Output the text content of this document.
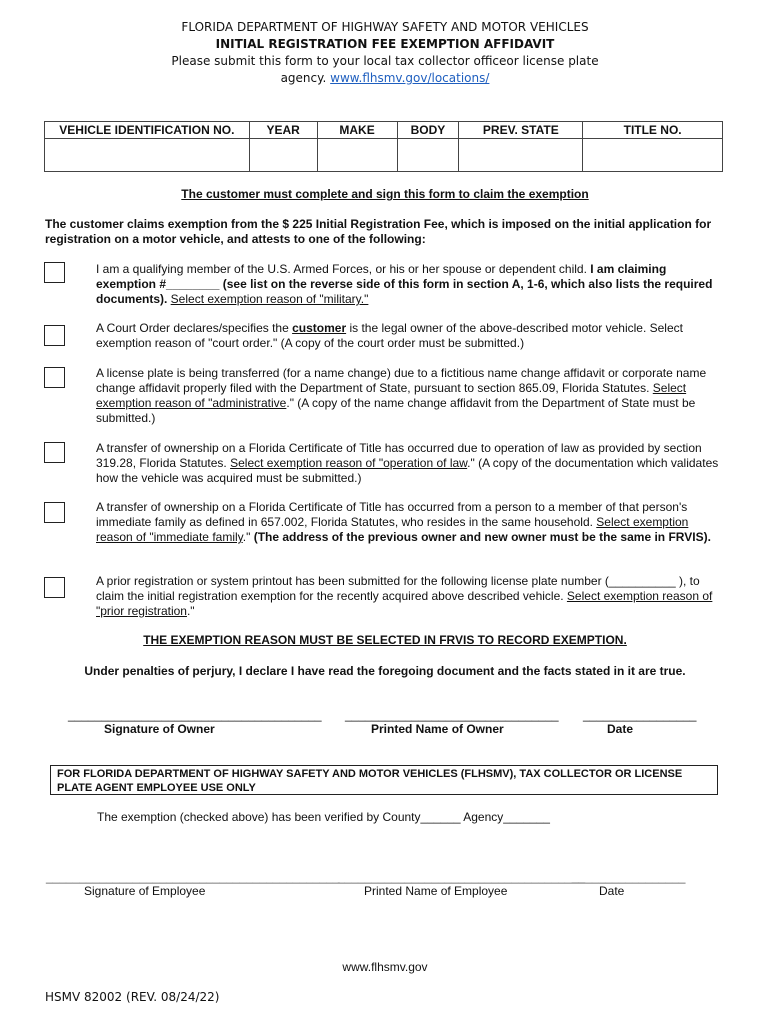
FLORIDA DEPARTMENT OF HIGHWAY SAFETY AND MOTOR VEHICLES
INITIAL REGISTRATION FEE EXEMPTION AFFIDAVIT
Please submit this form to your local tax collector officeor license plate
agency. www.flhsmv.gov/locations/
VEHICLE IDENTIFICATION NO.	YEAR	MAKE	BODY	PREV. STATE	TITLE NO.

The customer must complete and sign this form to claim the exemption
The customer claims exemption from the $ 225 Initial Registration Fee, which is imposed on the initial application for registration on a motor vehicle, and attests to one of the following:
I am a qualifying member of the U.S. Armed Forces, or his or her spouse or dependent child. I am claiming exemption #________ (see list on the reverse side of this form in section A, 1-6, which also lists the required documents). Select exemption reason of "military."
A Court Order declares/specifies the customer is the legal owner of the above-described motor vehicle. Select exemption reason of "court order." (A copy of the court order must be submitted.)
A license plate is being transferred (for a name change) due to a fictitious name change affidavit or corporate name change affidavit properly filed with the Department of State, pursuant to section 865.09, Florida Statutes. Select exemption reason of "administrative." (A copy of the name change affidavit from the Department of State must be submitted.)
A transfer of ownership on a Florida Certificate of Title has occurred due to operation of law as provided by section 319.28, Florida Statutes. Select exemption reason of "operation of law." (A copy of the documentation which validates how the vehicle was acquired must be submitted.)
A transfer of ownership on a Florida Certificate of Title has occurred from a person to a member of that person's immediate family as defined in 657.002, Florida Statutes, who resides in the same household. Select exemption reason of "immediate family." (The address of the previous owner and new owner must be the same in FRVIS).
A prior registration or system printout has been submitted for the following license plate number (__________ ), to claim the initial registration exemption for the recently acquired above described vehicle. Select exemption reason of "prior registration."
THE EXEMPTION REASON MUST BE SELECTED IN FRVIS TO RECORD EXEMPTION.
Under penalties of perjury, I declare I have read the foregoing document and the facts stated in it are true.
______________________________________ ________________________________ _________________
Signature of Owner	Printed Name of Owner	Date
FOR FLORIDA DEPARTMENT OF HIGHWAY SAFETY AND MOTOR VEHICLES (FLHSMV), TAX COLLECTOR OR LICENSE PLATE AGENT EMPLOYEE USE ONLY
The exemption (checked above) has been verified by County______ Agency_______
____________________________________________
_____________________________________
_________________
Signature of Employee	Printed Name of Employee	Date
www.flhsmv.gov
HSMV 82002 (REV. 08/24/22)
